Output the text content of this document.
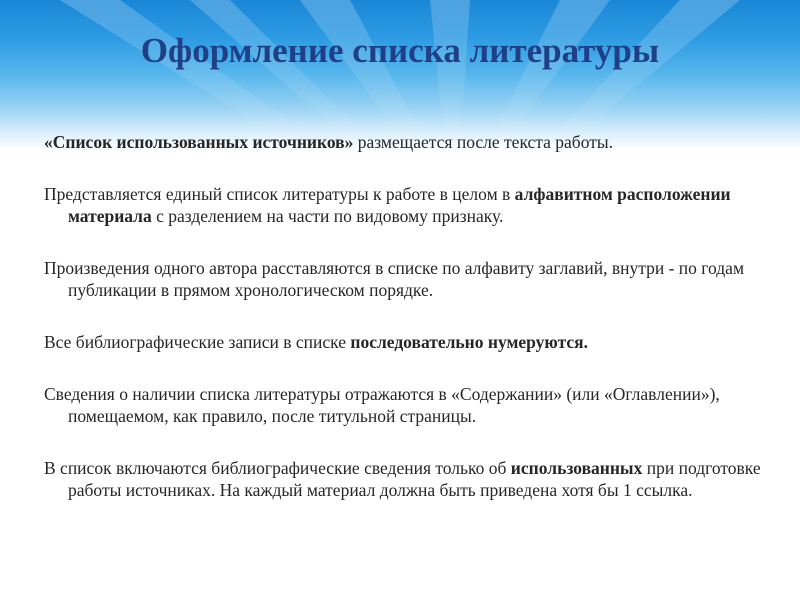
Оформление списка литературы

«Список использованных источников» размещается после текста работы.

Представляется единый список литературы к работе в целом в алфавитном расположении материала с разделением на части по видовому признаку.

Произведения одного автора расставляются в списке по алфавиту заглавий, внутри - по годам публикации в прямом хронологическом порядке.

Все библиографические записи в списке последовательно нумеруются.

Сведения о наличии списка литературы отражаются в «Содержании» (или «Оглавлении»), помещаемом, как правило, после титульной страницы.

В список включаются библиографические сведения только об использованных при подготовке работы источниках. На каждый материал должна быть приведена хотя бы 1 ссылка.
